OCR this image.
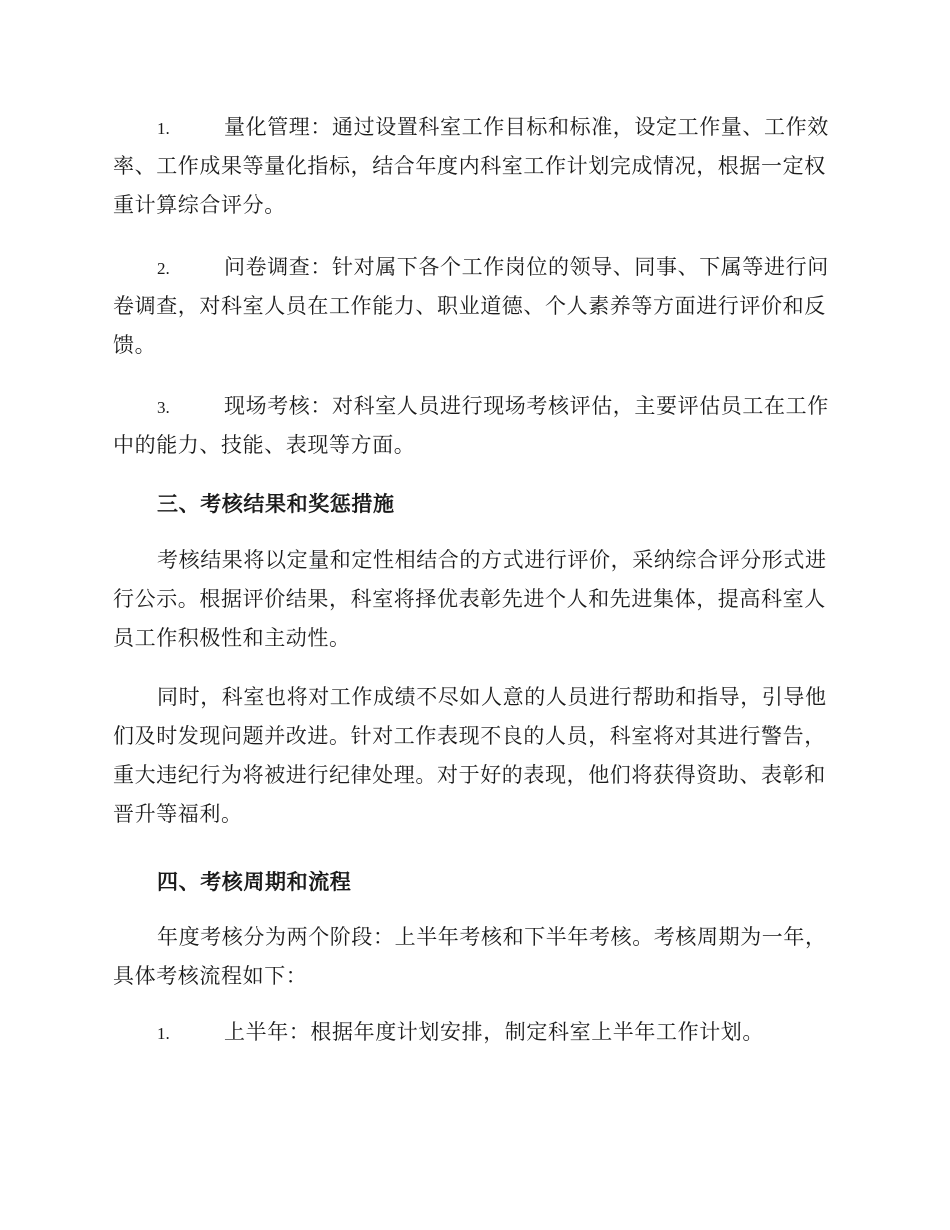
1.	量化管理：通过设置科室工作目标和标准，设定工作量、工作效
率、工作成果等量化指标，结合年度内科室工作计划完成情况，根据一定权
重计算综合评分。
2.	问卷调查：针对属下各个工作岗位的领导、同事、下属等进行问
卷调查，对科室人员在工作能力、职业道德、个人素养等方面进行评价和反
馈。
3.	现场考核：对科室人员进行现场考核评估，主要评估员工在工作
中的能力、技能、表现等方面。
三、考核结果和奖惩措施
考核结果将以定量和定性相结合的方式进行评价，采纳综合评分形式进
行公示。根据评价结果，科室将择优表彰先进个人和先进集体，提高科室人
员工作积极性和主动性。
同时，科室也将对工作成绩不尽如人意的人员进行帮助和指导，引导他
们及时发现问题并改进。针对工作表现不良的人员，科室将对其进行警告，
重大违纪行为将被进行纪律处理。对于好的表现，他们将获得资助、表彰和
晋升等福利。
四、考核周期和流程
年度考核分为两个阶段：上半年考核和下半年考核。考核周期为一年，
具体考核流程如下：
1.	上半年：根据年度计划安排，制定科室上半年工作计划。
